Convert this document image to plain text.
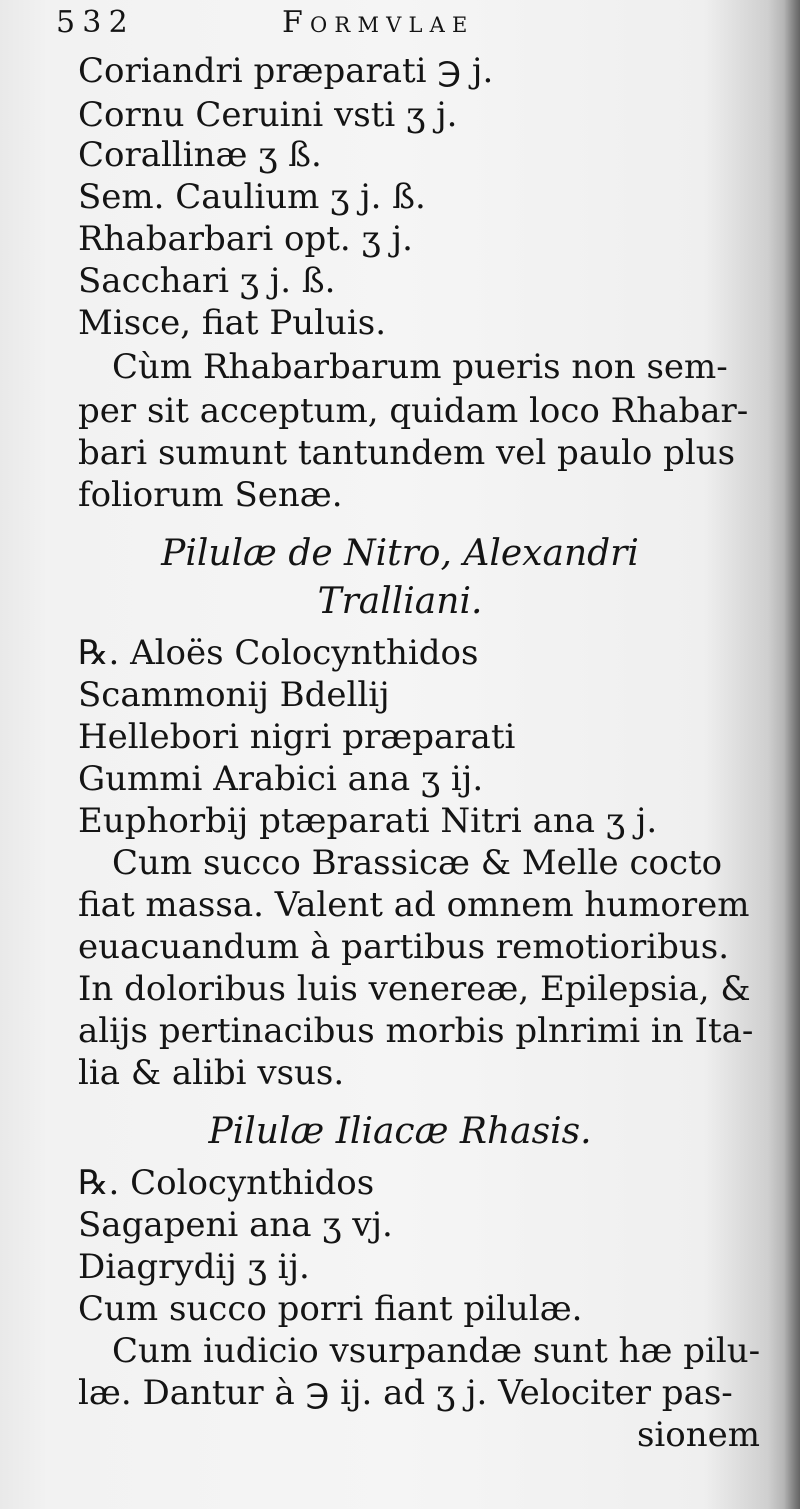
532	Formvlae
Coriandri præparati ℈ j.
Cornu Ceruini vsti ʒ j.
Corallinæ ʒ ß.
Sem. Caulium ʒ j. ß.
Rhabarbari opt. ʒ j.
Sacchari ʒ j. ß.
Misce, fiat Puluis.
Cùm Rhabarbarum pueris non sem-
per sit acceptum, quidam loco Rhabar-
bari sumunt tantundem vel paulo plus
foliorum Senæ.
Pilulæ de Nitro, Alexandri
Tralliani.
℞. Aloës Colocynthidos
Scammonij Bdellij
Hellebori nigri præparati
Gummi Arabici ana ʒ ij.
Euphorbij ptæparati Nitri ana ʒ j.
Cum succo Brassicæ & Melle cocto
fiat massa. Valent ad omnem humorem
euacuandum à partibus remotioribus.
In doloribus luis venereæ, Epilepsia, &
alijs pertinacibus morbis plnrimi in Ita-
lia & alibi vsus.
Pilulæ Iliacæ Rhasis.
℞. Colocynthidos
Sagapeni ana ʒ vj.
Diagrydij ʒ ij.
Cum succo porri fiant pilulæ.
Cum iudicio vsurpandæ sunt hæ pilu-
læ. Dantur à ℈ ij. ad ʒ j. Velociter pas-
sionem
